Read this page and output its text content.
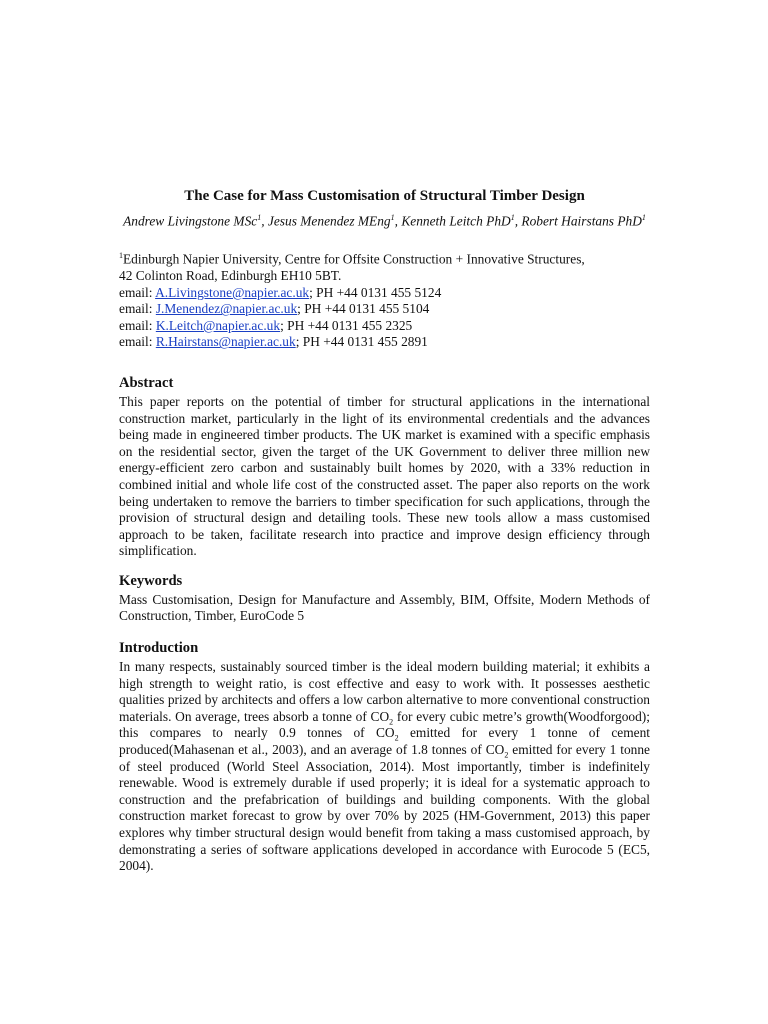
The Case for Mass Customisation of Structural Timber Design
Andrew Livingstone MSc$^1$, Jesus Menendez MEng$^1$, Kenneth Leitch PhD$^1$, Robert Hairstans PhD$^1$
$^1$Edinburgh Napier University, Centre for Offsite Construction + Innovative Structures,
42 Colinton Road, Edinburgh EH10 5BT.
email: A.Livingstone@napier.ac.uk; PH +44 0131 455 5124
email: J.Menendez@napier.ac.uk; PH +44 0131 455 5104
email: K.Leitch@napier.ac.uk; PH +44 0131 455 2325
email: R.Hairstans@napier.ac.uk; PH +44 0131 455 2891
Abstract

This paper reports on the potential of timber for structural applications in the international construction market, particularly in the light of its environmental credentials and the advances being made in engineered timber products. The UK market is examined with a specific emphasis on the residential sector, given the target of the UK Government to deliver three million new energy-efficient zero carbon and sustainably built homes by 2020, with a 33% reduction in combined initial and whole life cost of the constructed asset. The paper also reports on the work being undertaken to remove the barriers to timber specification for such applications, through the provision of structural design and detailing tools. These new tools allow a mass customised approach to be taken, facilitate research into practice and improve design efficiency through simplification.

Keywords

Mass Customisation, Design for Manufacture and Assembly, BIM, Offsite, Modern Methods of Construction, Timber, EuroCode 5

Introduction

In many respects, sustainably sourced timber is the ideal modern building material; it exhibits a high strength to weight ratio, is cost effective and easy to work with. It possesses aesthetic qualities prized by architects and offers a low carbon alternative to more conventional construction materials. On average, trees absorb a tonne of $CO_2$ for every cubic metre’s growth(Woodforgood); this compares to nearly 0.9 tonnes of $CO_2$ emitted for every 1 tonne of cement produced(Mahasenan et al., 2003), and an average of 1.8 tonnes of $CO_2$ emitted for every 1 tonne of steel produced (World Steel Association, 2014). Most importantly, timber is indefinitely renewable. Wood is extremely durable if used properly; it is ideal for a systematic approach to construction and the prefabrication of buildings and building components. With the global construction market forecast to grow by over 70% by 2025 (HM-Government, 2013) this paper explores why timber structural design would benefit from taking a mass customised approach, by demonstrating a series of software applications developed in accordance with Eurocode 5 (EC5, 2004).
